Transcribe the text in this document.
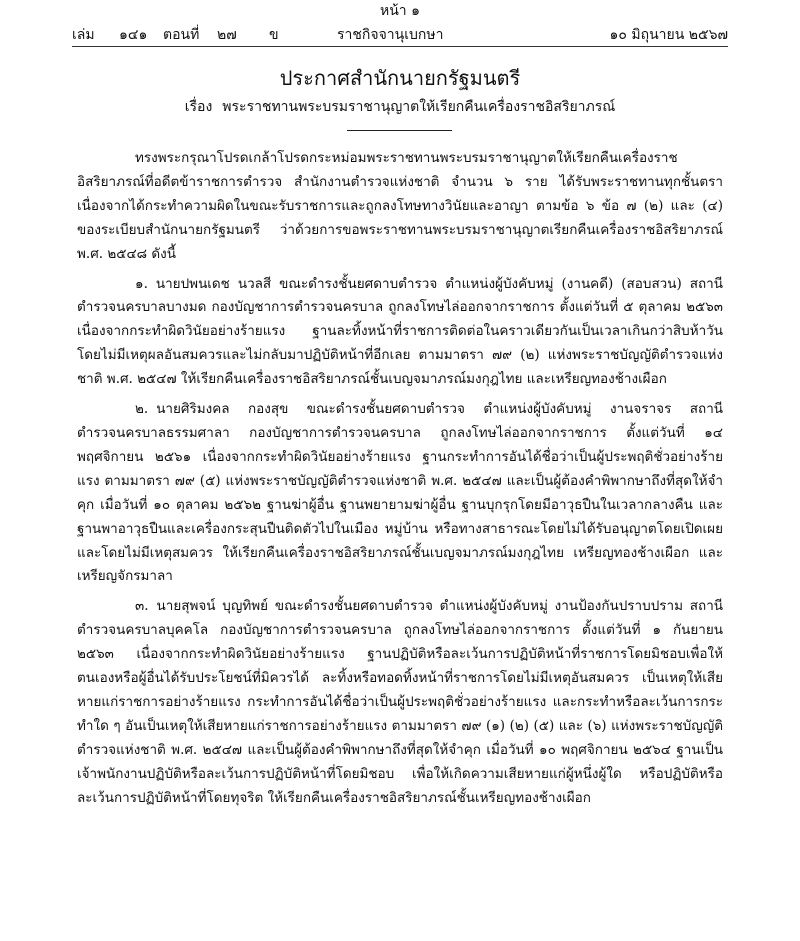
หน้า ๑
เล่ม ๑๔๑ ตอนที่ ๒๗ ข	ราชกิจจานุเบกษา	๑๐ มิถุนายน ๒๕๖๗
ประกาศสำนักนายกรัฐมนตรี
เรื่อง พระราชทานพระบรมราชานุญาตให้เรียกคืนเครื่องราชอิสริยาภรณ์

ทรงพระกรุณาโปรดเกล้าโปรดกระหม่อมพระราชทานพระบรมราชานุญาตให้เรียกคืนเครื่องราชอิสริยาภรณ์ที่อดีตข้าราชการตำรวจ สำนักงานตำรวจแห่งชาติ จำนวน ๖ ราย ได้รับพระราชทานทุกชั้นตรา เนื่องจากได้กระทำความผิดในขณะรับราชการและถูกลงโทษทางวินัยและอาญา ตามข้อ ๖ ข้อ ๗ (๒) และ (๔) ของระเบียบสำนักนายกรัฐมนตรี ว่าด้วยการขอพระราชทานพระบรมราชานุญาตเรียกคืนเครื่องราชอิสริยาภรณ์ พ.ศ. ๒๕๔๘ ดังนี้

๑. นายปพนเดช นวลสี ขณะดำรงชั้นยศดาบตำรวจ ตำแหน่งผู้บังคับหมู่ (งานคดี) (สอบสวน) สถานีตำรวจนครบาลบางมด กองบัญชาการตำรวจนครบาล ถูกลงโทษไล่ออกจากราชการ ตั้งแต่วันที่ ๕ ตุลาคม ๒๕๖๓ เนื่องจากกระทำผิดวินัยอย่างร้ายแรง ฐานละทิ้งหน้าที่ราชการติดต่อในคราวเดียวกันเป็นเวลาเกินกว่าสิบห้าวัน โดยไม่มีเหตุผลอันสมควรและไม่กลับมาปฏิบัติหน้าที่อีกเลย ตามมาตรา ๗๙ (๒) แห่งพระราชบัญญัติตำรวจแห่งชาติ พ.ศ. ๒๕๔๗ ให้เรียกคืนเครื่องราชอิสริยาภรณ์ชั้นเบญจมาภรณ์มงกุฎไทย และเหรียญทองช้างเผือก

๒. นายศิริมงคล กองสุข ขณะดำรงชั้นยศดาบตำรวจ ตำแหน่งผู้บังคับหมู่ งานจราจร สถานีตำรวจนครบาลธรรมศาลา กองบัญชาการตำรวจนครบาล ถูกลงโทษไล่ออกจากราชการ ตั้งแต่วันที่ ๑๔ พฤศจิกายน ๒๕๖๑ เนื่องจากกระทำผิดวินัยอย่างร้ายแรง ฐานกระทำการอันได้ชื่อว่าเป็นผู้ประพฤติชั่วอย่างร้ายแรง ตามมาตรา ๗๙ (๕) แห่งพระราชบัญญัติตำรวจแห่งชาติ พ.ศ. ๒๕๔๗ และเป็นผู้ต้องคำพิพากษาถึงที่สุดให้จำคุก เมื่อวันที่ ๑๐ ตุลาคม ๒๕๖๒ ฐานฆ่าผู้อื่น ฐานพยายามฆ่าผู้อื่น ฐานบุกรุกโดยมีอาวุธปืนในเวลากลางคืน และฐานพาอาวุธปืนและเครื่องกระสุนปืนติดตัวไปในเมือง หมู่บ้าน หรือทางสาธารณะโดยไม่ได้รับอนุญาตโดยเปิดเผยและโดยไม่มีเหตุสมควร ให้เรียกคืนเครื่องราชอิสริยาภรณ์ชั้นเบญจมาภรณ์มงกุฎไทย เหรียญทองช้างเผือก และเหรียญจักรมาลา

๓. นายสุพจน์ บุญทิพย์ ขณะดำรงชั้นยศดาบตำรวจ ตำแหน่งผู้บังคับหมู่ งานป้องกันปราบปราม สถานีตำรวจนครบาลบุคคโล กองบัญชาการตำรวจนครบาล ถูกลงโทษไล่ออกจากราชการ ตั้งแต่วันที่ ๑ กันยายน ๒๕๖๓ เนื่องจากกระทำผิดวินัยอย่างร้ายแรง ฐานปฏิบัติหรือละเว้นการปฏิบัติหน้าที่ราชการโดยมิชอบเพื่อให้ตนเองหรือผู้อื่นได้รับประโยชน์ที่มิควรได้ ละทิ้งหรือทอดทิ้งหน้าที่ราชการโดยไม่มีเหตุอันสมควร เป็นเหตุให้เสียหายแก่ราชการอย่างร้ายแรง กระทำการอันได้ชื่อว่าเป็นผู้ประพฤติชั่วอย่างร้ายแรง และกระทำหรือละเว้นการกระทำใด ๆ อันเป็นเหตุให้เสียหายแก่ราชการอย่างร้ายแรง ตามมาตรา ๗๙ (๑) (๒) (๕) และ (๖) แห่งพระราชบัญญัติตำรวจแห่งชาติ พ.ศ. ๒๕๔๗ และเป็นผู้ต้องคำพิพากษาถึงที่สุดให้จำคุก เมื่อวันที่ ๑๐ พฤศจิกายน ๒๕๖๔ ฐานเป็นเจ้าพนักงานปฏิบัติหรือละเว้นการปฏิบัติหน้าที่โดยมิชอบ เพื่อให้เกิดความเสียหายแก่ผู้หนึ่งผู้ใด หรือปฏิบัติหรือละเว้นการปฏิบัติหน้าที่โดยทุจริต ให้เรียกคืนเครื่องราชอิสริยาภรณ์ชั้นเหรียญทองช้างเผือก
